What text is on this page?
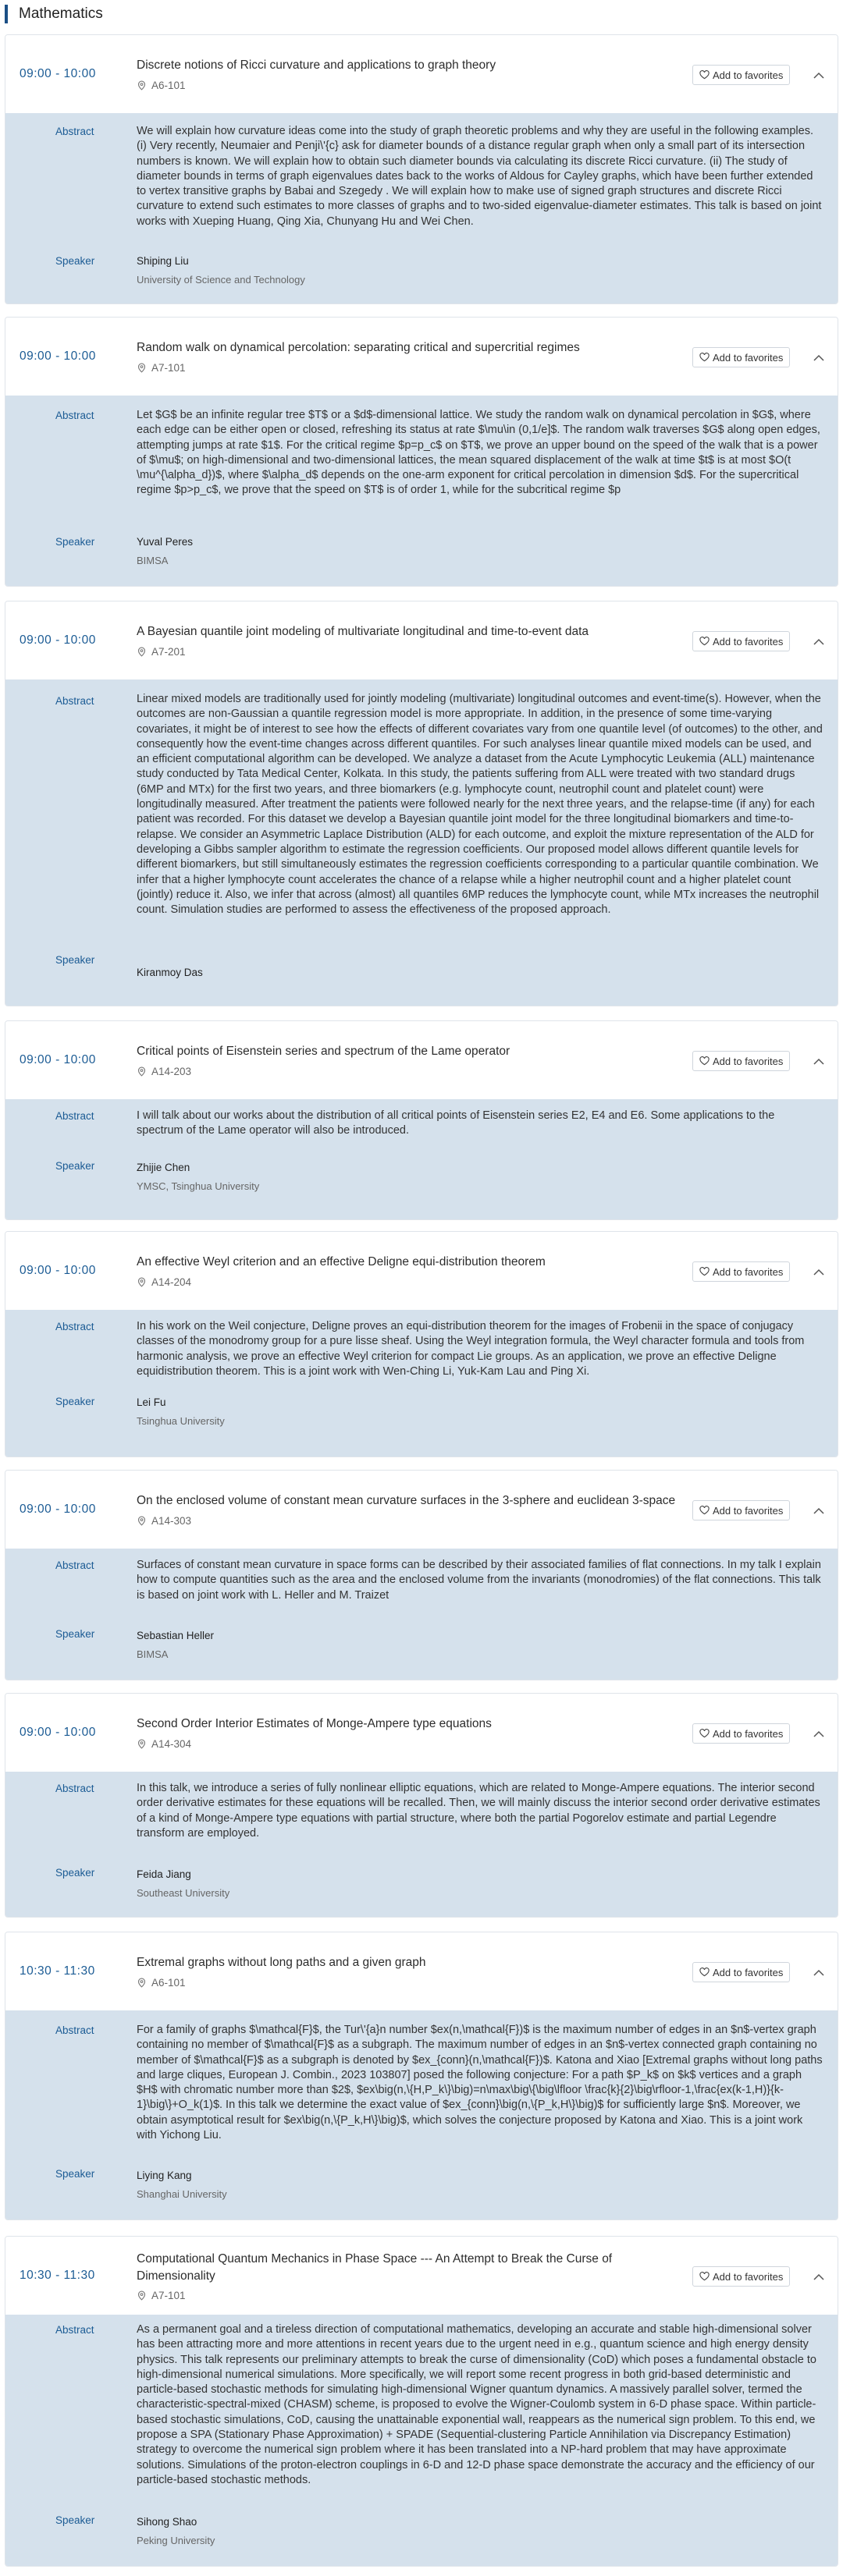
Mathematics
09:00 - 10:00
Discrete notions of Ricci curvature and applications to graph theory
A6-101
Add to favorites
Abstract	We will explain how curvature ideas come into the study of graph theoretic problems and why they are useful in the following examples. (i) Very recently, Neumaier and Penji\'{c} ask for diameter bounds of a distance regular graph when only a small part of its intersection numbers is known. We will explain how to obtain such diameter bounds via calculating its discrete Ricci curvature. (ii) The study of diameter bounds in terms of graph eigenvalues dates back to the works of Aldous for Cayley graphs, which have been further extended to vertex transitive graphs by Babai and Szegedy . We will explain how to make use of signed graph structures and discrete Ricci curvature to extend such estimates to more classes of graphs and to two-sided eigenvalue-diameter estimates. This talk is based on joint works with Xueping Huang, Qing Xia, Chunyang Hu and Wei Chen.
Speaker	Shiping Liu
University of Science and Technology
09:00 - 10:00
Random walk on dynamical percolation: separating critical and supercritial regimes
A7-101
Add to favorites
Abstract	Let $G$ be an infinite regular tree $T$ or a $d$-dimensional lattice. We study the random walk on dynamical percolation in $G$, where each edge can be either open or closed, refreshing its status at rate $\mu\in (0,1/e]$. The random walk traverses $G$ along open edges, attempting jumps at rate $1$. For the critical regime $p=p_c$ on $T$, we prove an upper bound on the speed of the walk that is a power of $\mu$; on high-dimensional and two-dimensional lattices, the mean squared displacement of the walk at time $t$ is at most $O(t \mu^{\alpha_d})$, where $\alpha_d$ depends on the one-arm exponent for critical percolation in dimension $d$. For the supercritical regime $p>p_c$, we prove that the speed on $T$ is of order 1, while for the subcritical regime $p
Speaker	Yuval Peres
BIMSA
09:00 - 10:00
A Bayesian quantile joint modeling of multivariate longitudinal and time-to-event data
A7-201
Add to favorites
Abstract	Linear mixed models are traditionally used for jointly modeling (multivariate) longitudinal outcomes and event-time(s). However, when the outcomes are non-Gaussian a quantile regression model is more appropriate. In addition, in the presence of some time-varying covariates, it might be of interest to see how the effects of different covariates vary from one quantile level (of outcomes) to the other, and consequently how the event-time changes across different quantiles. For such analyses linear quantile mixed models can be used, and an efficient computational algorithm can be developed. We analyze a dataset from the Acute Lymphocytic Leukemia (ALL) maintenance study conducted by Tata Medical Center, Kolkata. In this study, the patients suffering from ALL were treated with two standard drugs (6MP and MTx) for the first two years, and three biomarkers (e.g. lymphocyte count, neutrophil count and platelet count) were longitudinally measured. After treatment the patients were followed nearly for the next three years, and the relapse-time (if any) for each patient was recorded. For this dataset we develop a Bayesian quantile joint model for the three longitudinal biomarkers and time-to-relapse. We consider an Asymmetric Laplace Distribution (ALD) for each outcome, and exploit the mixture representation of the ALD for developing a Gibbs sampler algorithm to estimate the regression coefficients. Our proposed model allows different quantile levels for different biomarkers, but still simultaneously estimates the regression coefficients corresponding to a particular quantile combination. We infer that a higher lymphocyte count accelerates the chance of a relapse while a higher neutrophil count and a higher platelet count (jointly) reduce it. Also, we infer that across (almost) all quantiles 6MP reduces the lymphocyte count, while MTx increases the neutrophil count. Simulation studies are performed to assess the effectiveness of the proposed approach.
Speaker
Kiranmoy Das
09:00 - 10:00
Critical points of Eisenstein series and spectrum of the Lame operator
A14-203
Add to favorites
Abstract	I will talk about our works about the distribution of all critical points of Eisenstein series E2, E4 and E6. Some applications to the spectrum of the Lame operator will also be introduced.
Speaker	Zhijie Chen
YMSC, Tsinghua University
09:00 - 10:00
An effective Weyl criterion and an effective Deligne equi-distribution theorem
A14-204
Add to favorites
Abstract	In his work on the Weil conjecture, Deligne proves an equi-distribution theorem for the images of Frobenii in the space of conjugacy classes of the monodromy group for a pure lisse sheaf. Using the Weyl integration formula, the Weyl character formula and tools from harmonic analysis, we prove an effective Weyl criterion for compact Lie groups. As an application, we prove an effective Deligne equidistribution theorem. This is a joint work with Wen-Ching Li, Yuk-Kam Lau and Ping Xi.
Speaker	Lei Fu
Tsinghua University
09:00 - 10:00
On the enclosed volume of constant mean curvature surfaces in the 3-sphere and euclidean 3-space
A14-303
Add to favorites
Abstract	Surfaces of constant mean curvature in space forms can be described by their associated families of flat connections. In my talk I explain how to compute quantities such as the area and the enclosed volume from the invariants (monodromies) of the flat connections. This talk is based on joint work with L. Heller and M. Traizet
Speaker	Sebastian Heller
BIMSA
09:00 - 10:00
Second Order Interior Estimates of Monge-Ampere type equations
A14-304
Add to favorites
Abstract	In this talk, we introduce a series of fully nonlinear elliptic equations, which are related to Monge-Ampere equations. The interior second order derivative estimates for these equations will be recalled. Then, we will mainly discuss the interior second order derivative estimates of a kind of Monge-Ampere type equations with partial structure, where both the partial Pogorelov estimate and partial Legendre transform are employed.
Speaker	Feida Jiang
Southeast University
10:30 - 11:30
Extremal graphs without long paths and a given graph
A6-101
Add to favorites
Abstract	For a family of graphs $\mathcal{F}$, the Tur\'{a}n number $ex(n,\mathcal{F})$ is the maximum number of edges in an $n$-vertex graph containing no member of $\mathcal{F}$ as a subgraph. The maximum number of edges in an $n$-vertex connected graph containing no member of $\mathcal{F}$ as a subgraph is denoted by $ex_{conn}(n,\mathcal{F})$. Katona and Xiao [Extremal graphs without long paths and large cliques, European J. Combin., 2023 103807] posed the following conjecture: For a path $P_k$ on $k$ vertices and a graph $H$ with chromatic number more than $2$, $ex\big(n,\{H,P_k\}\big)=n\max\big\{\big\lfloor \frac{k}{2}\big\rfloor-1,\frac{ex(k-1,H)}{k-1}\big\}+O_k(1)$. In this talk we determine the exact value of $ex_{conn}\big(n,\{P_k,H\}\big)$ for sufficiently large $n$. Moreover, we obtain asymptotical result for $ex\big(n,\{P_k,H\}\big)$, which solves the conjecture proposed by Katona and Xiao. This is a joint work with Yichong Liu.
Speaker	Liying Kang
Shanghai University
10:30 - 11:30
Computational Quantum Mechanics in Phase Space --- An Attempt to Break the Curse of Dimensionality
A7-101
Add to favorites
Abstract	As a permanent goal and a tireless direction of computational mathematics, developing an accurate and stable high-dimensional solver has been attracting more and more attentions in recent years due to the urgent need in e.g., quantum science and high energy density physics. This talk represents our preliminary attempts to break the curse of dimensionality (CoD) which poses a fundamental obstacle to high-dimensional numerical simulations. More specifically, we will report some recent progress in both grid-based deterministic and particle-based stochastic methods for simulating high-dimensional Wigner quantum dynamics. A massively parallel solver, termed the characteristic-spectral-mixed (CHASM) scheme, is proposed to evolve the Wigner-Coulomb system in 6-D phase space. Within particle-based stochastic simulations, CoD, causing the unattainable exponential wall, reappears as the numerical sign problem. To this end, we propose a SPA (Stationary Phase Approximation) + SPADE (Sequential-clustering Particle Annihilation via Discrepancy Estimation) strategy to overcome the numerical sign problem where it has been translated into a NP-hard problem that may have approximate solutions. Simulations of the proton-electron couplings in 6-D and 12-D phase space demonstrate the accuracy and the efficiency of our particle-based stochastic methods.
Speaker	Sihong Shao
Peking University
